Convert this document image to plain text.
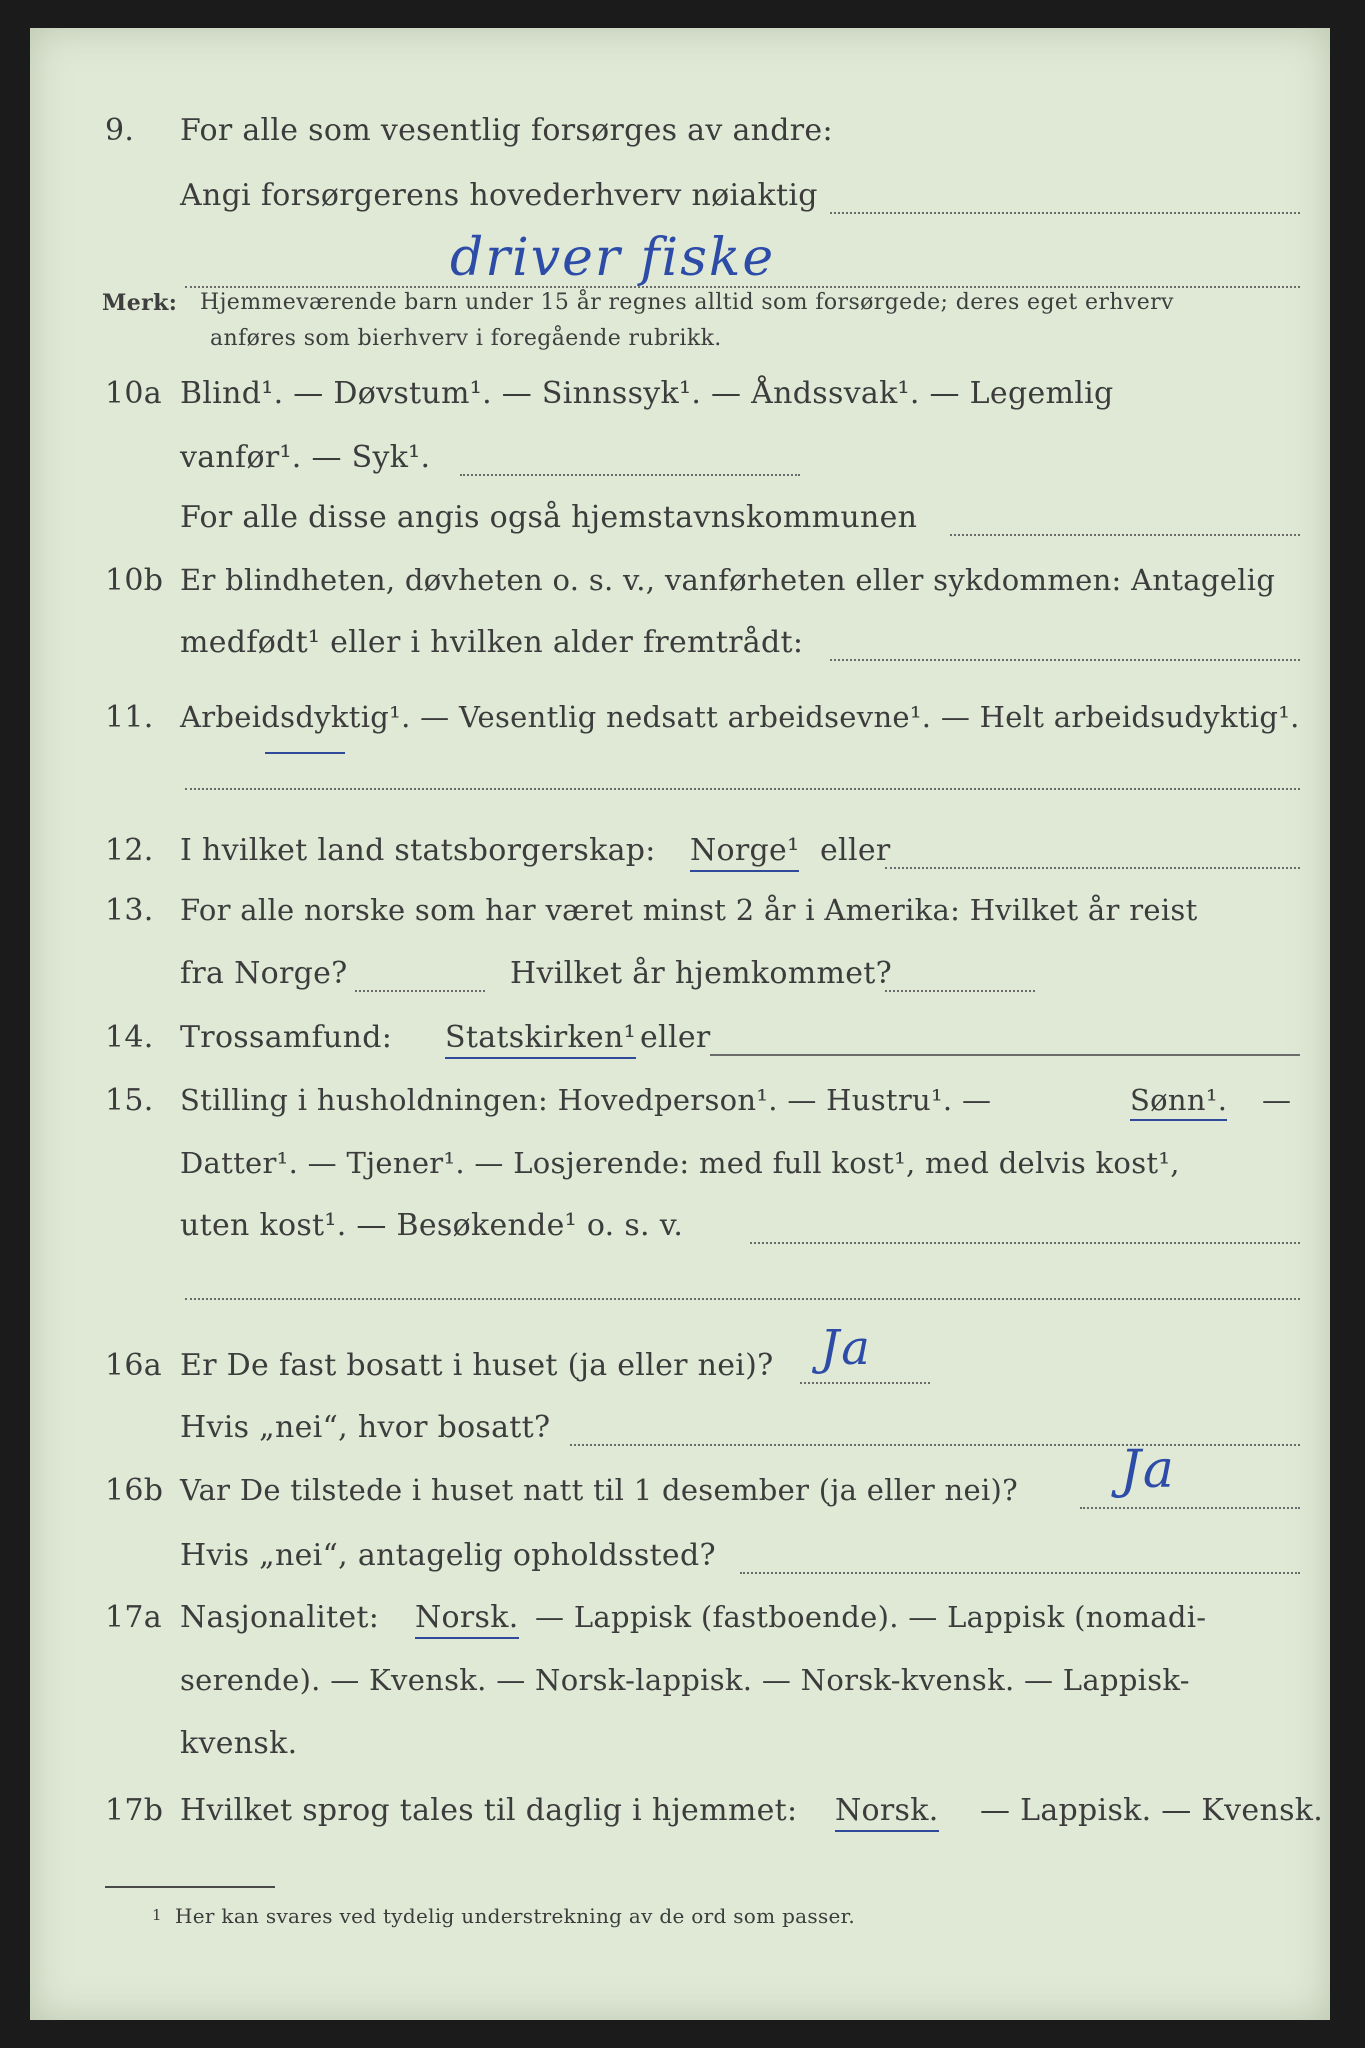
9.	For alle som vesentlig forsørges av andre:
Angi forsørgerens hovederhverv nøiaktig
driver fiske
Merk: Hjemmeværende barn under 15 år regnes alltid som forsørgede; deres eget erhverv
anføres som bierhverv i foregående rubrikk.
10a Blind¹. — Døvstum¹. — Sinnssyk¹. — Åndssvak¹. — Legemlig
vanfør¹. — Syk¹.
For alle disse angis også hjemstavnskommunen
10b Er blindheten, døvheten o. s. v., vanførheten eller sykdommen: Antagelig
medfødt¹ eller i hvilken alder fremtrådt:
11. Arbeidsdyktig¹. — Vesentlig nedsatt arbeidsevne¹. — Helt arbeidsudyktig¹.
12. I hvilket land statsborgerskap: Norge¹ eller
13. For alle norske som har været minst 2 år i Amerika: Hvilket år reist
fra Norge?	Hvilket år hjemkommet?
14. Trossamfund: Statskirken¹ eller
15. Stilling i husholdningen: Hovedperson¹. — Hustru¹. —	Sønn¹. —
Datter¹. — Tjener¹. — Losjerende: med full kost¹, med delvis kost¹,
uten kost¹. — Besøkende¹ o. s. v.
16a Er De fast bosatt i huset (ja eller nei)? Ja
Hvis „nei“, hvor bosatt?
16b Var De tilstede i huset natt til 1 desember (ja eller nei)? Ja
Hvis „nei“, antagelig opholdssted?
17a Nasjonalitet: Norsk. — Lappisk (fastboende). — Lappisk (nomadi-
serende). — Kvensk. — Norsk-lappisk. — Norsk-kvensk. — Lappisk-
kvensk.
17b Hvilket sprog tales til daglig i hjemmet: Norsk. — Lappisk. — Kvensk.
1 Her kan svares ved tydelig understrekning av de ord som passer.
